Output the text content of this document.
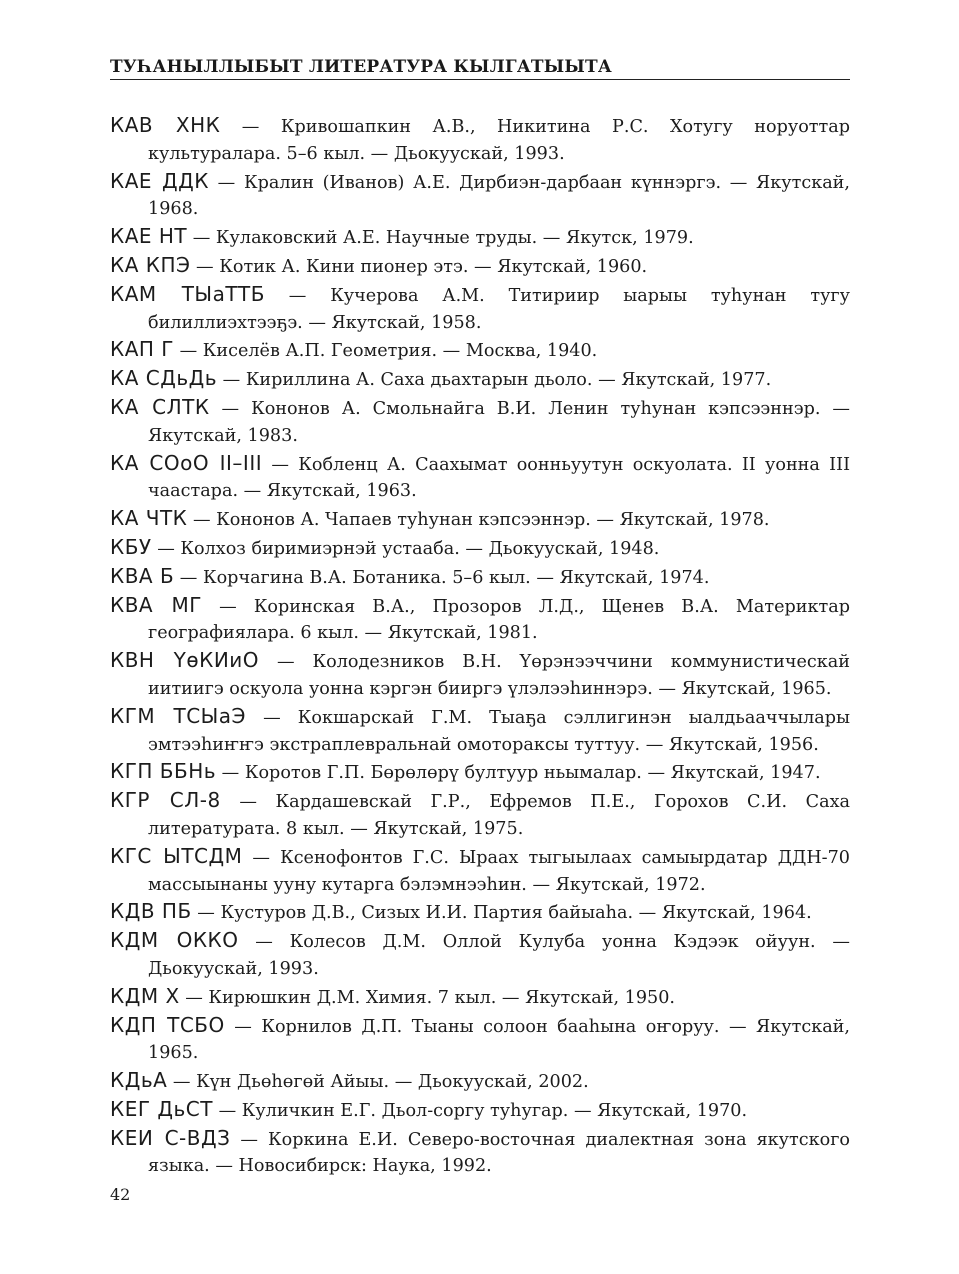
ТУҺАНЫЛЛЫБЫТ ЛИТЕРАТУРА КЫЛГАТЫЫТА
КАВ ХНК — Кривошапкин А.В., Никитина Р.С. Хотугу норуоттар культуралара. 5–6 кыл. — Дьокуускай, 1993.
КАЕ ДДК — Кралин (Иванов) А.Е. Дирбиэн-дарбаан күннэргэ. — Якутскай, 1968.
КАЕ НТ — Кулаковский А.Е. Научные труды. — Якутск, 1979.
КА КПЭ — Котик А. Кини пионер этэ. — Якутскай, 1960.
КАМ ТЫаТТБ — Кучерова А.М. Титириир ыарыы туһунан тугу билиллиэхтээҕэ. — Якутскай, 1958.
КАП Г — Киселёв А.П. Геометрия. — Москва, 1940.
КА СДьДь — Кириллина А. Саха дьахтарын дьоло. — Якутскай, 1977.
КА СЛТК — Кононов А. Смольнайга В.И. Ленин туһунан кэпсээннэр. — Якутскай, 1983.
КА СОоО II–III — Кобленц А. Саахымат оонньуутун оскуолата. II уонна III чаастара. — Якутскай, 1963.
КА ЧТК — Кононов А. Чапаев туһунан кэпсээннэр. — Якутскай, 1978.
КБУ — Колхоз биримиэрнэй устааба. — Дьокуускай, 1948.
КВА Б — Корчагина В.А. Ботаника. 5–6 кыл. — Якутскай, 1974.
КВА МГ — Коринская В.А., Прозоров Л.Д., Щенев В.А. Материктар географиялара. 6 кыл. — Якутскай, 1981.
КВН ҮөКИиО — Колодезников В.Н. Үөрэнээччини коммунистическай иитиигэ оскуола уонна кэргэн бииргэ үлэлээһиннэрэ. — Якутскай, 1965.
КГМ ТСЫаЭ — Кокшарскай Г.М. Тыаҕа сэллигинэн ыалдьааччылары эмтээһиҥҥэ экстраплевральнай омотораксы туттуу. — Якутскай, 1956.
КГП ББНь — Коротов Г.П. Бөрөлөрү бултуур ньымалар. — Якутскай, 1947.
КГР СЛ-8 — Кардашевскай Г.Р., Ефремов П.Е., Горохов С.И. Саха литературата. 8 кыл. — Якутскай, 1975.
КГС ЫТСДМ — Ксенофонтов Г.С. Ыраах тыгыылаах самыырдатар ДДН-70 массыынаны ууну кутарга бэлэмнээһин. — Якутскай, 1972.
КДВ ПБ — Кустуров Д.В., Сизых И.И. Партия байыаһа. — Якутскай, 1964.
КДМ ОККО — Колесов Д.М. Оллой Кулуба уонна Кэдээк ойуун. — Дьокуускай, 1993.
КДМ Х — Кирюшкин Д.М. Химия. 7 кыл. — Якутскай, 1950.
КДП ТСБО — Корнилов Д.П. Тыаны солоон бааһына оҥоруу. — Якутскай, 1965.
КДьА — Күн Дьөһөгөй Айыы. — Дьокуускай, 2002.
КЕГ ДьСТ — Куличкин Е.Г. Дьол-соргу туһугар. — Якутскай, 1970.
КЕИ С-ВДЗ — Коркина Е.И. Северо-восточная диалектная зона якутского языка. — Новосибирск: Наука, 1992.
42
